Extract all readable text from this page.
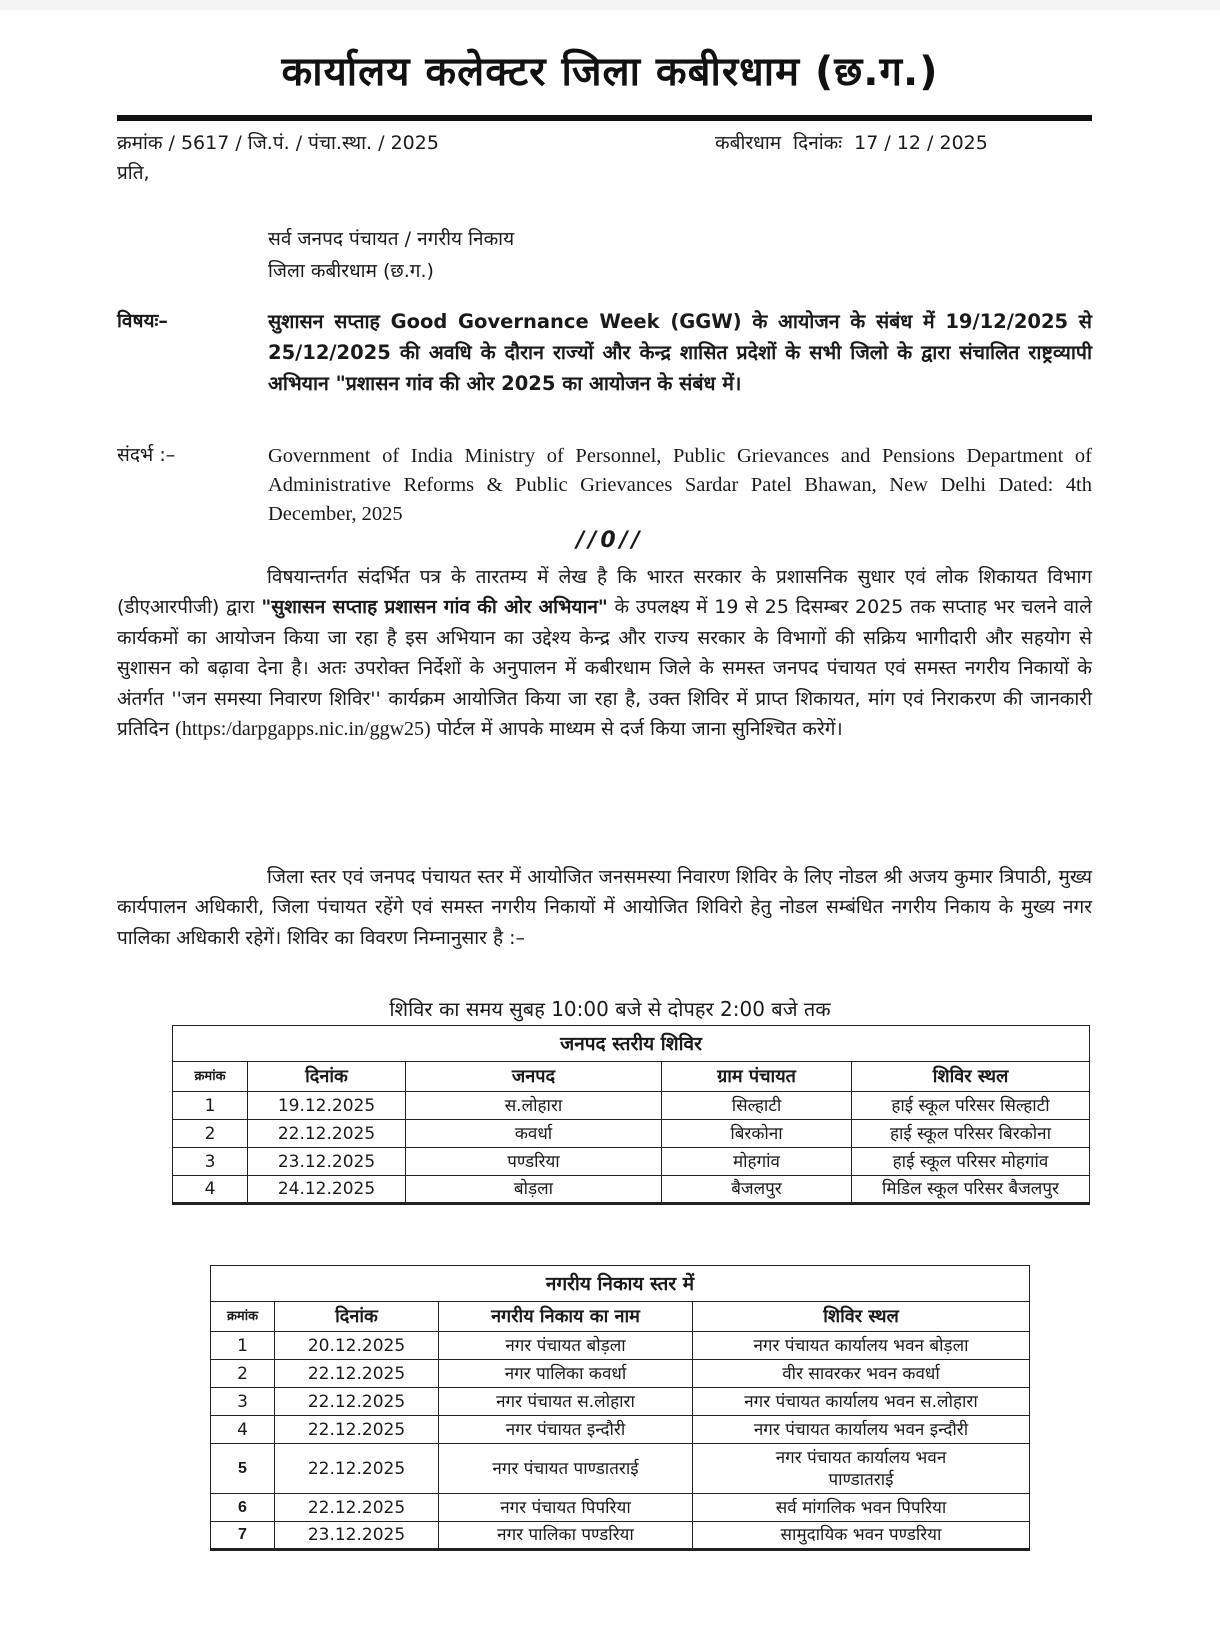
कार्यालय कलेक्टर जिला कबीरधाम (छ.ग.)
क्रमांक / 5617 / जि.पं. / पंचा.स्था. / 2025	कबीरधाम  दिनांकः  17 / 12 / 2025
प्रति,
सर्व जनपद पंचायत / नगरीय निकाय
जिला कबीरधाम (छ.ग.)
विषयः–	सुशासन सप्ताह Good Governance Week (GGW) के आयोजन के संबंध में 19/12/2025 से 25/12/2025 की अवधि के दौरान राज्यों और केन्द्र शासित प्रदेशों के सभी जिलो के द्वारा संचालित राष्ट्रव्यापी अभियान "प्रशासन गांव की ओर 2025 का आयोजन के संबंध में।
संदर्भ :–	Government of India Ministry of Personnel, Public Grievances and Pensions Department of Administrative Reforms & Public Grievances Sardar Patel Bhawan, New Delhi Dated: 4th December, 2025
//0//
विषयान्तर्गत संदर्भित पत्र के तारतम्य में लेख है कि भारत सरकार के प्रशासनिक सुधार एवं लोक शिकायत विभाग (डीएआरपीजी) द्वारा "सुशासन सप्ताह प्रशासन गांव की ओर अभियान" के उपलक्ष्य में 19 से 25 दिसम्बर 2025 तक सप्ताह भर चलने वाले कार्यकमों का आयोजन किया जा रहा है इस अभियान का उद्देश्य केन्द्र और राज्य सरकार के विभागों की सक्रिय भागीदारी और सहयोग से सुशासन को बढ़ावा देना है। अतः उपरोक्त निर्देशों के अनुपालन में कबीरधाम जिले के समस्त जनपद पंचायत एवं समस्त नगरीय निकायों के अंतर्गत ''जन समस्या निवारण शिविर'' कार्यक्रम आयोजित किया जा रहा है, उक्त शिविर में प्राप्त शिकायत, मांग एवं निराकरण की जानकारी प्रतिदिन (https:/darpgapps.nic.in/ggw25) पोर्टल में आपके माध्यम से दर्ज किया जाना सुनिश्चित करेगें।
जिला स्तर एवं जनपद पंचायत स्तर में आयोजित जनसमस्या निवारण शिविर के लिए नोडल श्री अजय कुमार त्रिपाठी, मुख्य कार्यपालन अधिकारी, जिला पंचायत रहेंगे एवं समस्त नगरीय निकायों में आयोजित शिविरो हेतु नोडल सम्बंधित नगरीय निकाय के मुख्य नगर पालिका अधिकारी रहेगें। शिविर का विवरण निम्नानुसार है :–
शिविर का समय सुबह 10:00 बजे से दोपहर 2:00 बजे तक
जनपद स्तरीय शिविर				
क्रमांक	दिनांक	जनपद	ग्राम पंचायत	शिविर स्थल
1	19.12.2025	स.लोहारा	सिल्हाटी	हाई स्कूल परिसर सिल्हाटी
2	22.12.2025	कवर्धा	बिरकोना	हाई स्कूल परिसर बिरकोना
3	23.12.2025	पण्डरिया	मोहगांव	हाई स्कूल परिसर मोहगांव
4	24.12.2025	बोड़ला	बैजलपुर	मिडिल स्कूल परिसर बैजलपुर
नगरीय निकाय स्तर में			
क्रमांक	दिनांक	नगरीय निकाय का नाम	शिविर स्थल
1	20.12.2025	नगर पंचायत बोड़ला	नगर पंचायत कार्यालय भवन बोड़ला
2	22.12.2025	नगर पालिका कवर्धा	वीर सावरकर भवन कवर्धा
3	22.12.2025	नगर पंचायत स.लोहारा	नगर पंचायत कार्यालय भवन स.लोहारा
4	22.12.2025	नगर पंचायत इन्दौरी	नगर पंचायत कार्यालय भवन इन्दौरी
5	22.12.2025	नगर पंचायत पाण्डातराई	नगर पंचायत कार्यालय भवन पाण्डातराई
6	22.12.2025	नगर पंचायत पिपरिया	सर्व मांगलिक भवन पिपरिया
7	23.12.2025	नगर पालिका पण्डरिया	सामुदायिक भवन पण्डरिया
